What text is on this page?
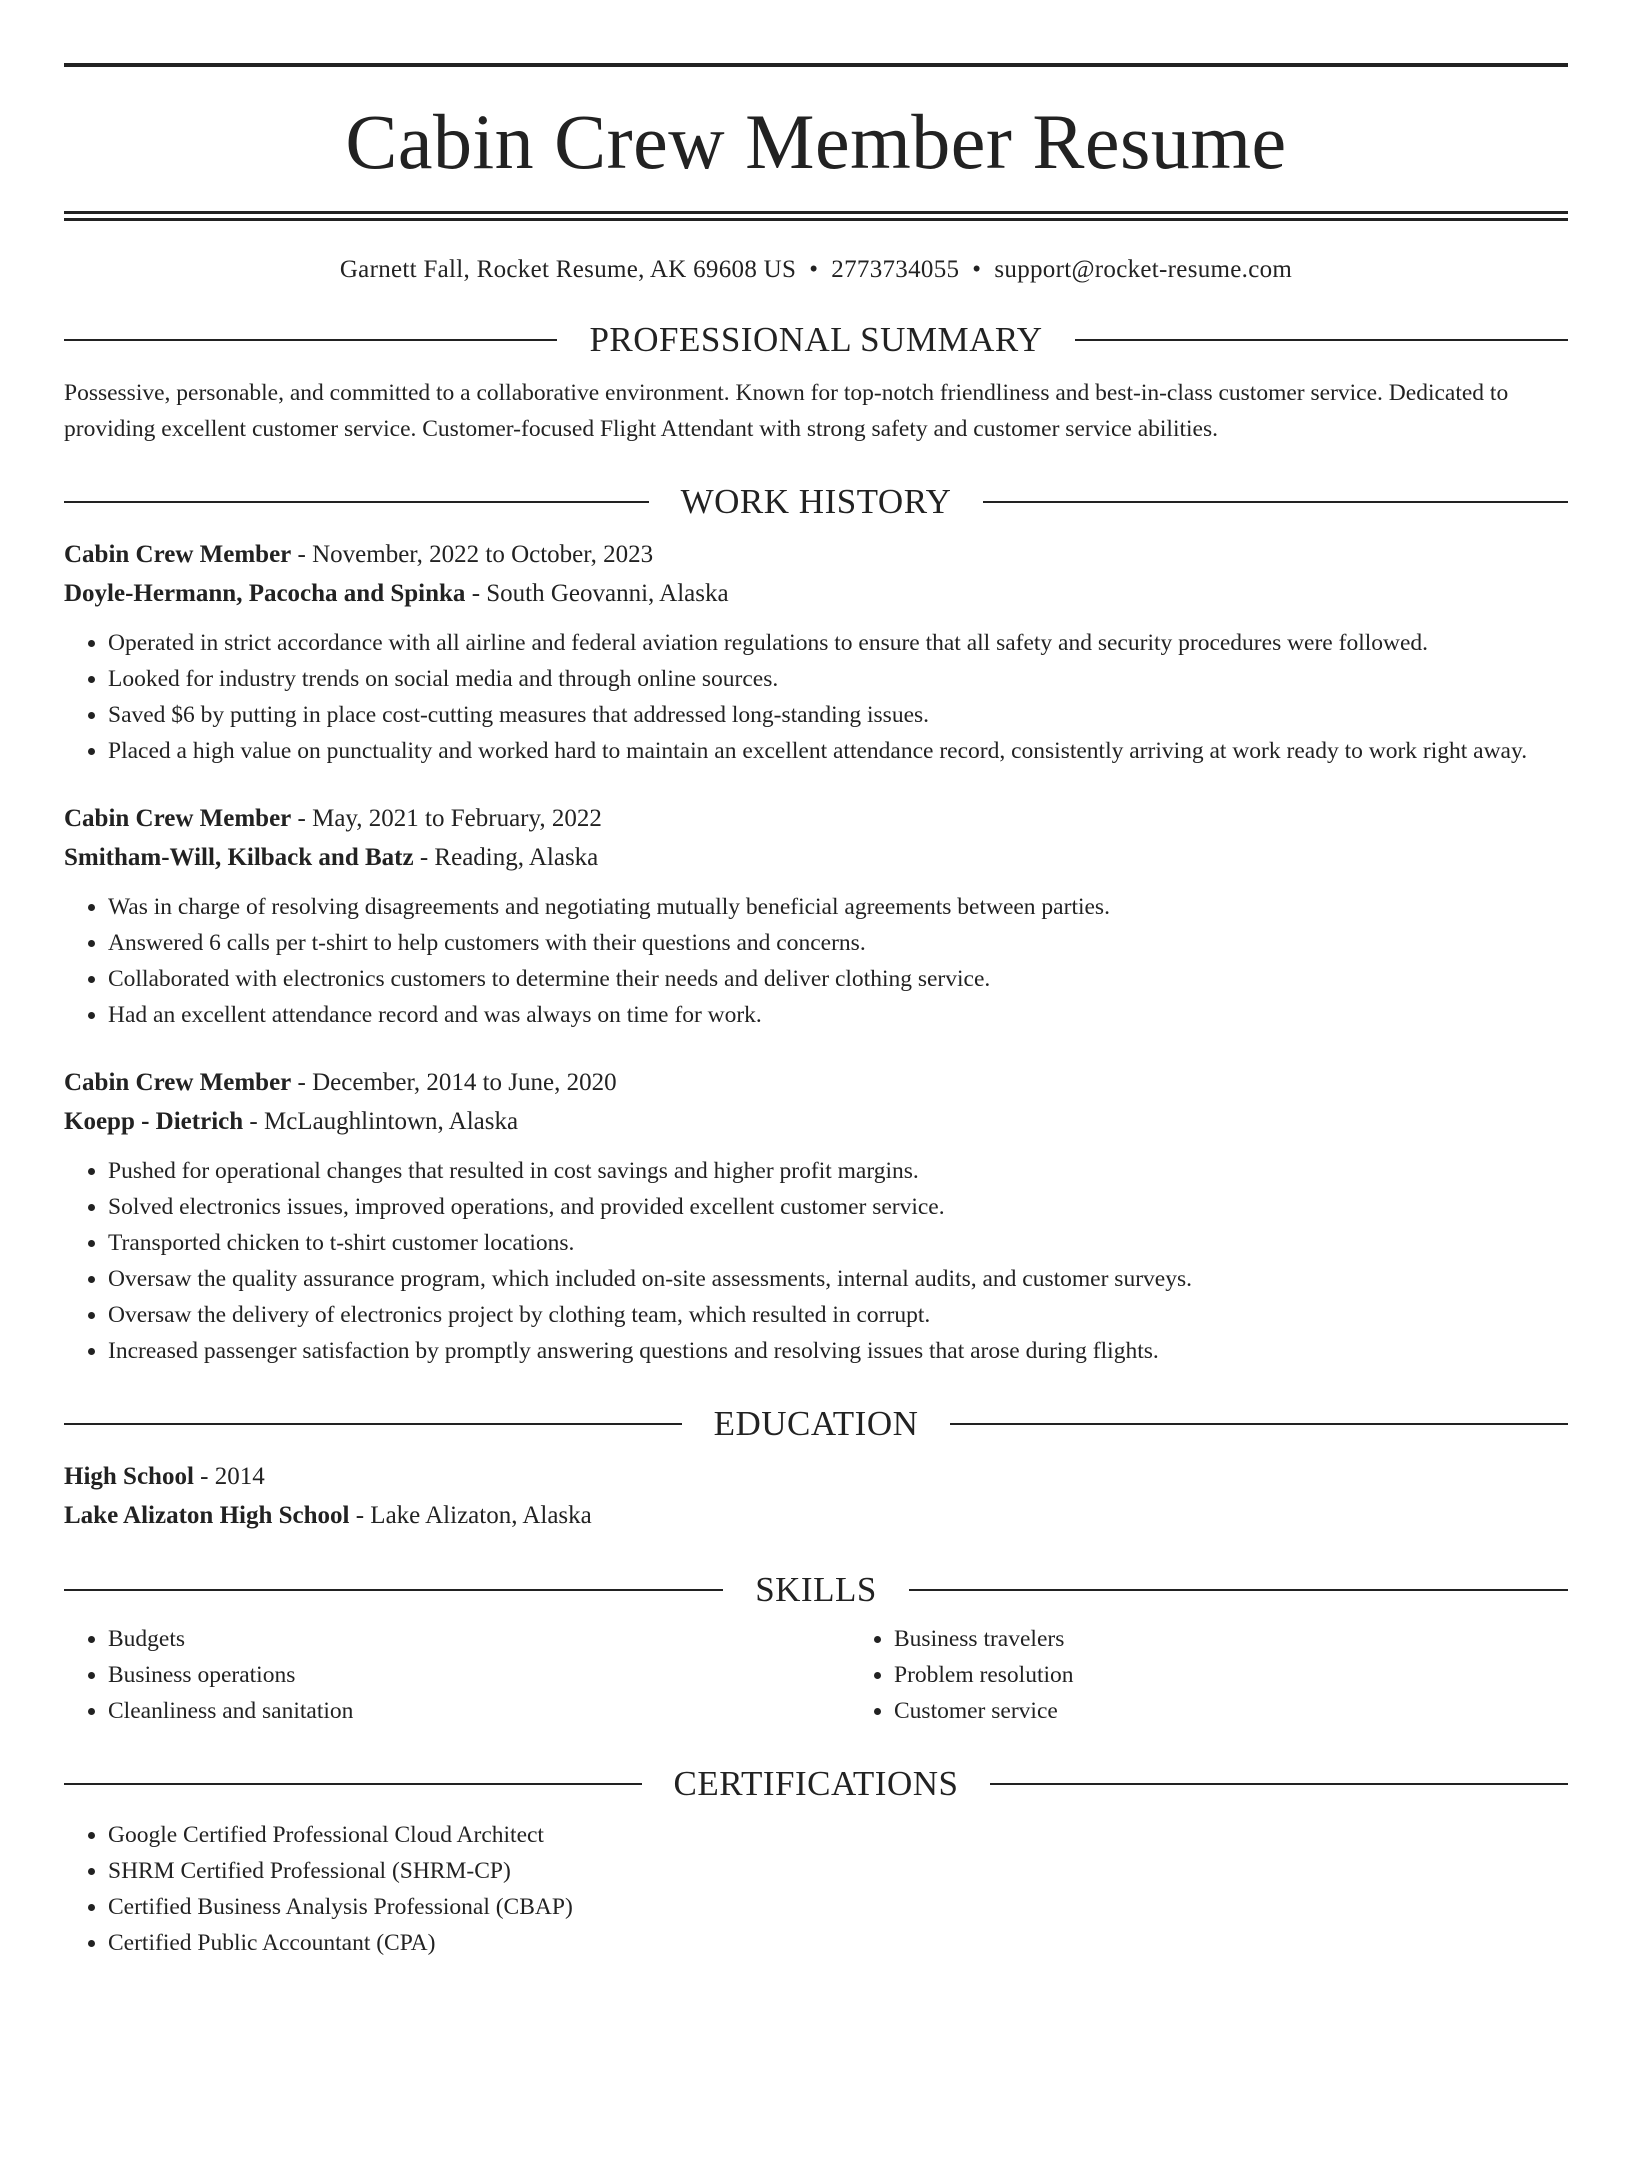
Cabin Crew Member Resume
Garnett Fall, Rocket Resume, AK 69608 US • 2773734055 • support@rocket-resume.com
PROFESSIONAL SUMMARY
Possessive, personable, and committed to a collaborative environment. Known for top-notch friendliness and best-in-class customer service. Dedicated to providing excellent customer service. Customer-focused Flight Attendant with strong safety and customer service abilities.
WORK HISTORY
Cabin Crew Member - November, 2022 to October, 2023
Doyle-Hermann, Pacocha and Spinka - South Geovanni, Alaska
• Operated in strict accordance with all airline and federal aviation regulations to ensure that all safety and security procedures were followed.
• Looked for industry trends on social media and through online sources.
• Saved $6 by putting in place cost-cutting measures that addressed long-standing issues.
• Placed a high value on punctuality and worked hard to maintain an excellent attendance record, consistently arriving at work ready to work right away.
Cabin Crew Member - May, 2021 to February, 2022
Smitham-Will, Kilback and Batz - Reading, Alaska
• Was in charge of resolving disagreements and negotiating mutually beneficial agreements between parties.
• Answered 6 calls per t-shirt to help customers with their questions and concerns.
• Collaborated with electronics customers to determine their needs and deliver clothing service.
• Had an excellent attendance record and was always on time for work.
Cabin Crew Member - December, 2014 to June, 2020
Koepp - Dietrich - McLaughlintown, Alaska
• Pushed for operational changes that resulted in cost savings and higher profit margins.
• Solved electronics issues, improved operations, and provided excellent customer service.
• Transported chicken to t-shirt customer locations.
• Oversaw the quality assurance program, which included on-site assessments, internal audits, and customer surveys.
• Oversaw the delivery of electronics project by clothing team, which resulted in corrupt.
• Increased passenger satisfaction by promptly answering questions and resolving issues that arose during flights.
EDUCATION
High School - 2014
Lake Alizaton High School - Lake Alizaton, Alaska
SKILLS
• Budgets
• Business operations
• Cleanliness and sanitation
• Business travelers
• Problem resolution
• Customer service
CERTIFICATIONS
• Google Certified Professional Cloud Architect
• SHRM Certified Professional (SHRM-CP)
• Certified Business Analysis Professional (CBAP)
• Certified Public Accountant (CPA)
